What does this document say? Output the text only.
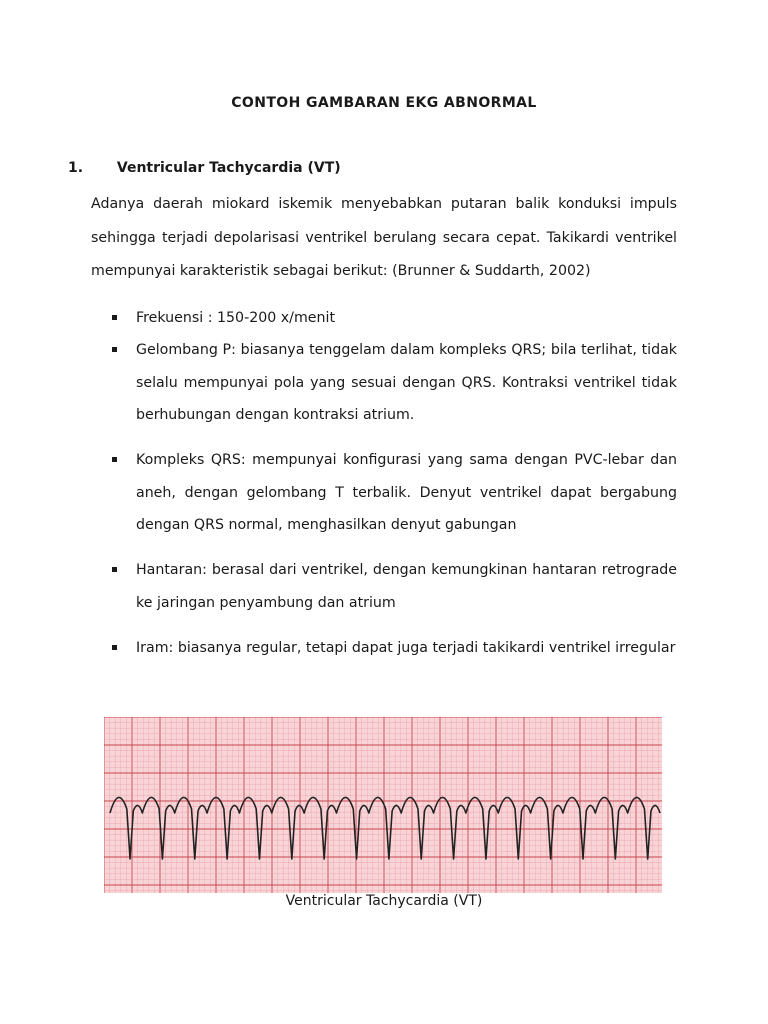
CONTOH GAMBARAN EKG ABNORMAL
1. Ventricular Tachycardia (VT)
Adanya daerah miokard iskemik menyebabkan putaran balik konduksi impuls sehingga terjadi depolarisasi ventrikel berulang secara cepat. Takikardi ventrikel mempunyai karakteristik sebagai berikut: (Brunner & Suddarth, 2002)
Frekuensi : 150-200 x/menit
Gelombang P: biasanya tenggelam dalam kompleks QRS; bila terlihat, tidak selalu mempunyai pola yang sesuai dengan QRS. Kontraksi ventrikel tidak berhubungan dengan kontraksi atrium.
Kompleks QRS: mempunyai konfigurasi yang sama dengan PVC-lebar dan aneh, dengan gelombang T terbalik. Denyut ventrikel dapat bergabung dengan QRS normal, menghasilkan denyut gabungan
Hantaran: berasal dari ventrikel, dengan kemungkinan hantaran retrograde ke jaringan penyambung dan atrium
Iram: biasanya regular, tetapi dapat juga terjadi takikardi ventrikel irregular
Ventricular Tachycardia (VT)
